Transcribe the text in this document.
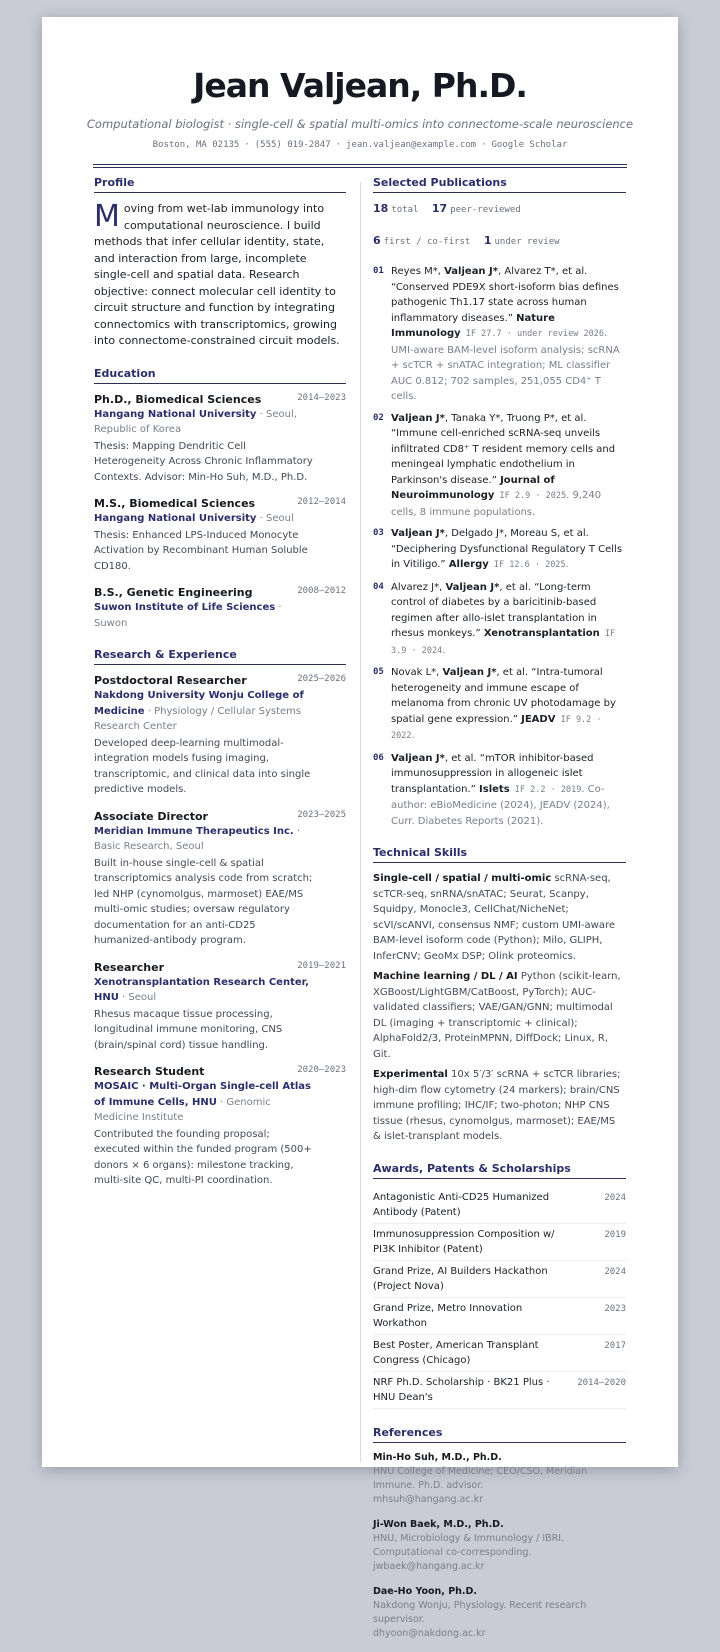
Jean Valjean, Ph.D.
Computational biologist · single-cell & spatial multi-omics into connectome-scale neuroscience
Boston, MA 02135 · (555) 019-2847 · jean.valjean@example.com · Google Scholar
Profile
Moving from wet-lab immunology into computational neuroscience. I build methods that infer cellular identity, state, and interaction from large, incomplete single-cell and spatial data. Research objective: connect molecular cell identity to circuit structure and function by integrating connectomics with transcriptomics, growing into connectome-constrained circuit models.
Education
Ph.D., Biomedical Sciences	2014–2023
Hangang National University · Seoul, Republic of Korea
Thesis: Mapping Dendritic Cell Heterogeneity Across Chronic Inflammatory Contexts. Advisor: Min-Ho Suh, M.D., Ph.D.
M.S., Biomedical Sciences	2012–2014
Hangang National University · Seoul
Thesis: Enhanced LPS-Induced Monocyte Activation by Recombinant Human Soluble CD180.
B.S., Genetic Engineering	2008–2012
Suwon Institute of Life Sciences · Suwon
Research & Experience
Postdoctoral Researcher	2025–2026
Nakdong University Wonju College of Medicine · Physiology / Cellular Systems Research Center
Developed deep-learning multimodal-integration models fusing imaging, transcriptomic, and clinical data into single predictive models.
Associate Director	2023–2025
Meridian Immune Therapeutics Inc. · Basic Research, Seoul
Built in-house single-cell & spatial transcriptomics analysis code from scratch; led NHP (cynomolgus, marmoset) EAE/MS multi-omic studies; oversaw regulatory documentation for an anti-CD25 humanized-antibody program.
Researcher	2019–2021
Xenotransplantation Research Center, HNU · Seoul
Rhesus macaque tissue processing, longitudinal immune monitoring, CNS (brain/spinal cord) tissue handling.
Research Student	2020–2023
MOSAIC · Multi-Organ Single-cell Atlas of Immune Cells, HNU · Genomic Medicine Institute
Contributed the founding proposal; executed within the funded program (500+ donors × 6 organs): milestone tracking, multi-site QC, multi-PI coordination.
Selected Publications
18 total 17 peer-reviewed

6 first / co-first 1 under review
01 Reyes M*, Valjean J*, Alvarez T*, et al. “Conserved PDE9X short-isoform bias defines pathogenic Th1.17 state across human inflammatory diseases.” Nature Immunology IF 27.7 · under review 2026. UMI-aware BAM-level isoform analysis; scRNA + scTCR + snATAC integration; ML classifier AUC 0.812; 702 samples, 251,055 CD4⁺ T cells.
02 Valjean J*, Tanaka Y*, Truong P*, et al. “Immune cell-enriched scRNA-seq unveils infiltrated CD8⁺ T resident memory cells and meningeal lymphatic endothelium in Parkinson's disease.” Journal of Neuroimmunology IF 2.9 · 2025. 9,240 cells, 8 immune populations.
03 Valjean J*, Delgado J*, Moreau S, et al. “Deciphering Dysfunctional Regulatory T Cells in Vitiligo.” Allergy IF 12.6 · 2025.
04 Alvarez J*, Valjean J*, et al. “Long-term control of diabetes by a baricitinib-based regimen after allo-islet transplantation in rhesus monkeys.” Xenotransplantation IF 3.9 · 2024.
05 Novak L*, Valjean J*, et al. “Intra-tumoral heterogeneity and immune escape of melanoma from chronic UV photodamage by spatial gene expression.” JEADV IF 9.2 · 2022.
06 Valjean J*, et al. “mTOR inhibitor-based immunosuppression in allogeneic islet transplantation.” Islets IF 2.2 · 2019. Co-author: eBioMedicine (2024), JEADV (2024), Curr. Diabetes Reports (2021).
Technical Skills
Single-cell / spatial / multi-omic scRNA-seq, scTCR-seq, snRNA/snATAC; Seurat, Scanpy, Squidpy, Monocle3, CellChat/NicheNet; scVI/scANVI, consensus NMF; custom UMI-aware BAM-level isoform code (Python); Milo, GLIPH, InferCNV; GeoMx DSP; Olink proteomics.
Machine learning / DL / AI Python (scikit-learn, XGBoost/LightGBM/CatBoost, PyTorch); AUC-validated classifiers; VAE/GAN/GNN; multimodal DL (imaging + transcriptomic + clinical); AlphaFold2/3, ProteinMPNN, DiffDock; Linux, R, Git.
Experimental 10x 5′/3′ scRNA + scTCR libraries; high-dim flow cytometry (24 markers); brain/CNS immune profiling; IHC/IF; two-photon; NHP CNS tissue (rhesus, cynomolgus, marmoset); EAE/MS & islet-transplant models.
Awards, Patents & Scholarships
Antagonistic Anti-CD25 Humanized Antibody (Patent)
2024
Immunosuppression Composition w/ PI3K Inhibitor (Patent)
2019
Grand Prize, AI Builders Hackathon (Project Nova)
2024
Grand Prize, Metro Innovation Workathon
2023
Best Poster, American Transplant Congress (Chicago)
2017
NRF Ph.D. Scholarship · BK21 Plus · HNU Dean's
2014–2020
References
Min-Ho Suh, M.D., Ph.D.
HNU College of Medicine; CEO/CSO, Meridian Immune. Ph.D. advisor.
mhsuh@hangang.ac.kr
Ji-Won Baek, M.D., Ph.D.
HNU, Microbiology & Immunology / IBRI. Computational co-corresponding.
jwbaek@hangang.ac.kr
Dae-Ho Yoon, Ph.D.
Nakdong Wonju, Physiology. Recent research supervisor.
dhyoon@nakdong.ac.kr
